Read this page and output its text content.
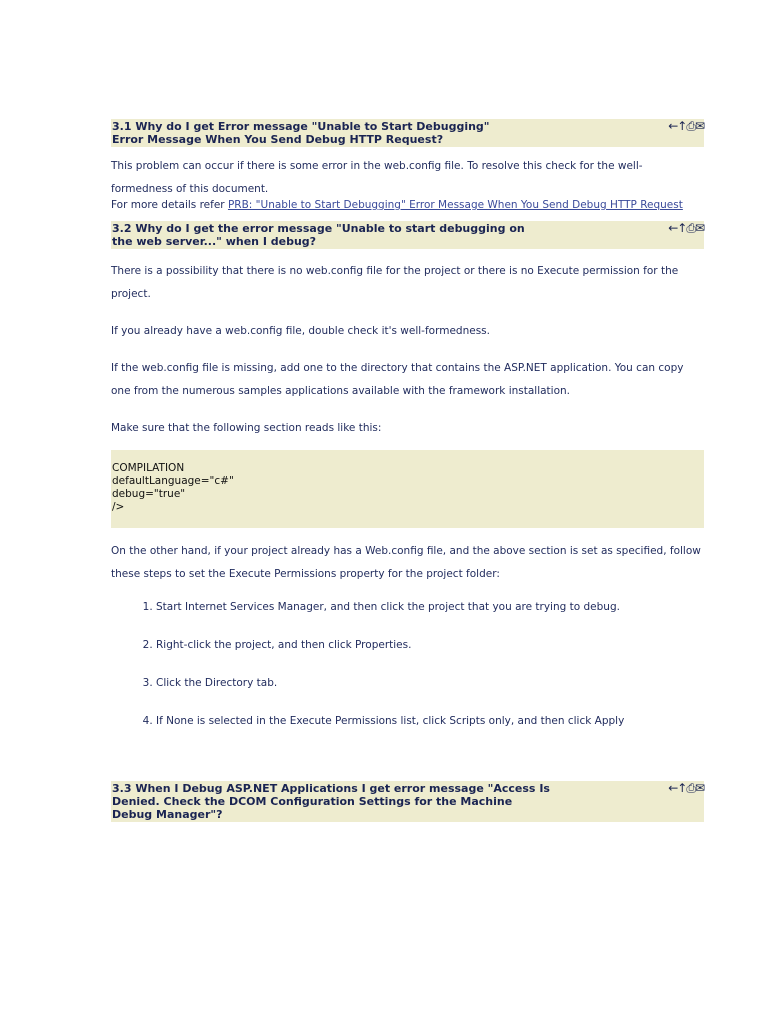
3.1 Why do I get Error message "Unable to Start Debugging" Error Message When You Send Debug HTTP Request?
←↑⎙✉

This problem can occur if there is some error in the web.config file. To resolve this check for the well-formedness of this document.

For more details refer PRB: "Unable to Start Debugging" Error Message When You Send Debug HTTP Request

3.2 Why do I get the error message "Unable to start debugging on the web server..." when I debug?
←↑⎙✉

There is a possibility that there is no web.config file for the project or there is no Execute permission for the project.

If you already have a web.config file, double check it's well-formedness.

If the web.config file is missing, add one to the directory that contains the ASP.NET application. You can copy one from the numerous samples applications available with the framework installation.

Make sure that the following section reads like this:

COMPILATION
defaultLanguage="c#"
debug="true"
/>

On the other hand, if your project already has a Web.config file, and the above section is set as specified, follow these steps to set the Execute Permissions property for the project folder:

1. Start Internet Services Manager, and then click the project that you are trying to debug.
2. Right-click the project, and then click Properties.
3. Click the Directory tab.
4. If None is selected in the Execute Permissions list, click Scripts only, and then click Apply
3.3 When I Debug ASP.NET Applications I get error message "Access Is Denied. Check the DCOM Configuration Settings for the Machine Debug Manager"?
←↑⎙✉
